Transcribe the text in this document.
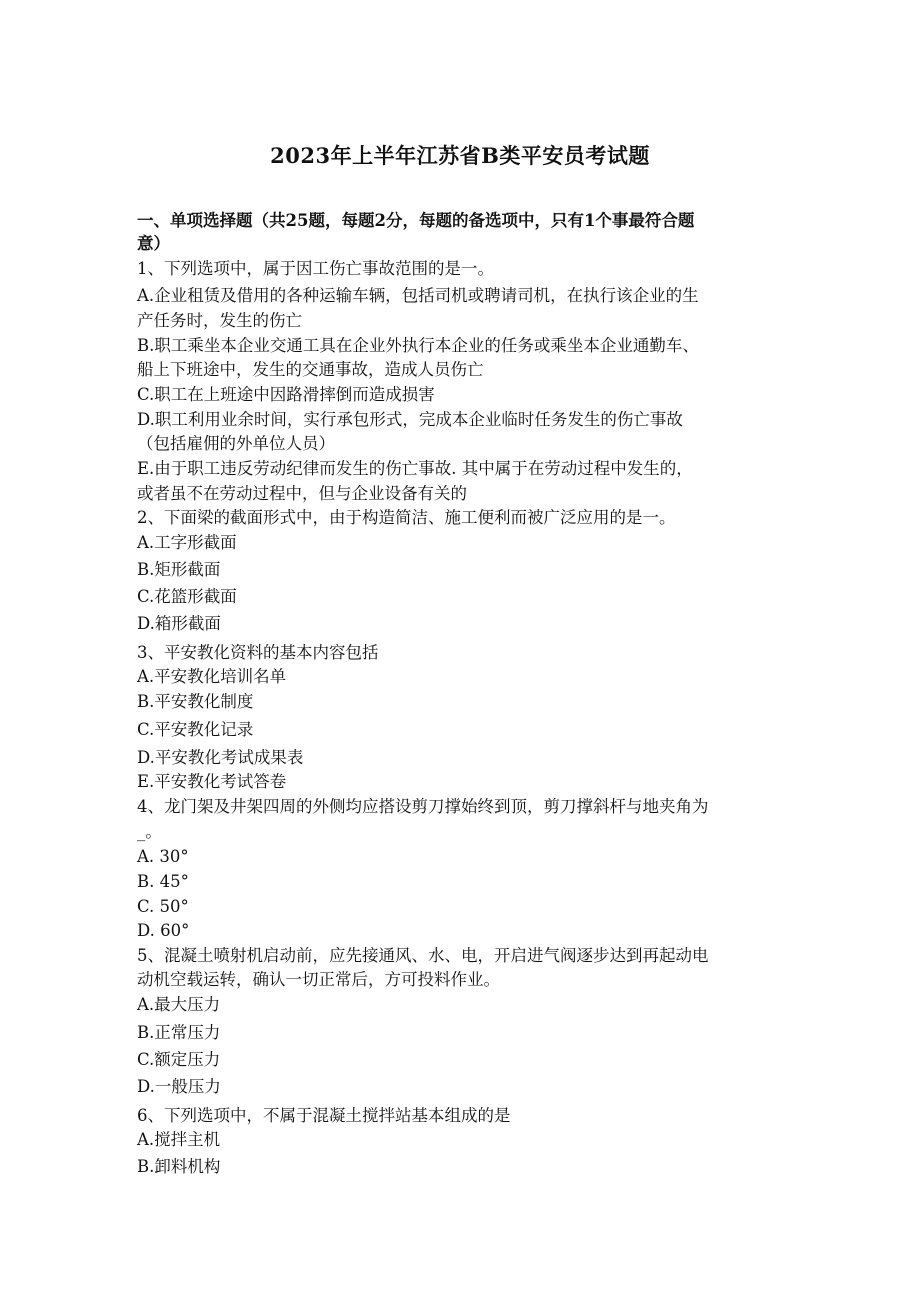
2023年上半年江苏省B类平安员考试题
一、单项选择题（共25题，每题2分，每题的备选项中，只有1个事最符合题
意）
1、下列选项中，属于因工伤亡事故范围的是一。
A.企业租赁及借用的各种运输车辆，包括司机或聘请司机，在执行该企业的生
产任务时，发生的伤亡
B.职工乘坐本企业交通工具在企业外执行本企业的任务或乘坐本企业通勤车、
船上下班途中，发生的交通事故，造成人员伤亡
C.职工在上班途中因路滑摔倒而造成损害
D.职工利用业余时间，实行承包形式，完成本企业临时任务发生的伤亡事故
（包括雇佣的外单位人员）
E.由于职工违反劳动纪律而发生的伤亡事故. 其中属于在劳动过程中发生的，
或者虽不在劳动过程中，但与企业设备有关的
2、下面梁的截面形式中，由于构造简洁、施工便利而被广泛应用的是一。
A.工字形截面
B.矩形截面
C.花篮形截面
D.箱形截面
3、平安教化资料的基本内容包括
A.平安教化培训名单
B.平安教化制度
C.平安教化记录
D.平安教化考试成果表
E.平安教化考试答卷
4、龙门架及井架四周的外侧均应搭设剪刀撑始终到顶，剪刀撑斜杆与地夹角为
_。
A. 30°
B. 45°
C. 50°
D. 60°
5、混凝土喷射机启动前，应先接通风、水、电，开启进气阀逐步达到再起动电
动机空载运转，确认一切正常后，方可投料作业。
A.最大压力
B.正常压力
C.额定压力
D.一般压力
6、下列选项中，不属于混凝土搅拌站基本组成的是
A.搅拌主机
B.卸料机构
